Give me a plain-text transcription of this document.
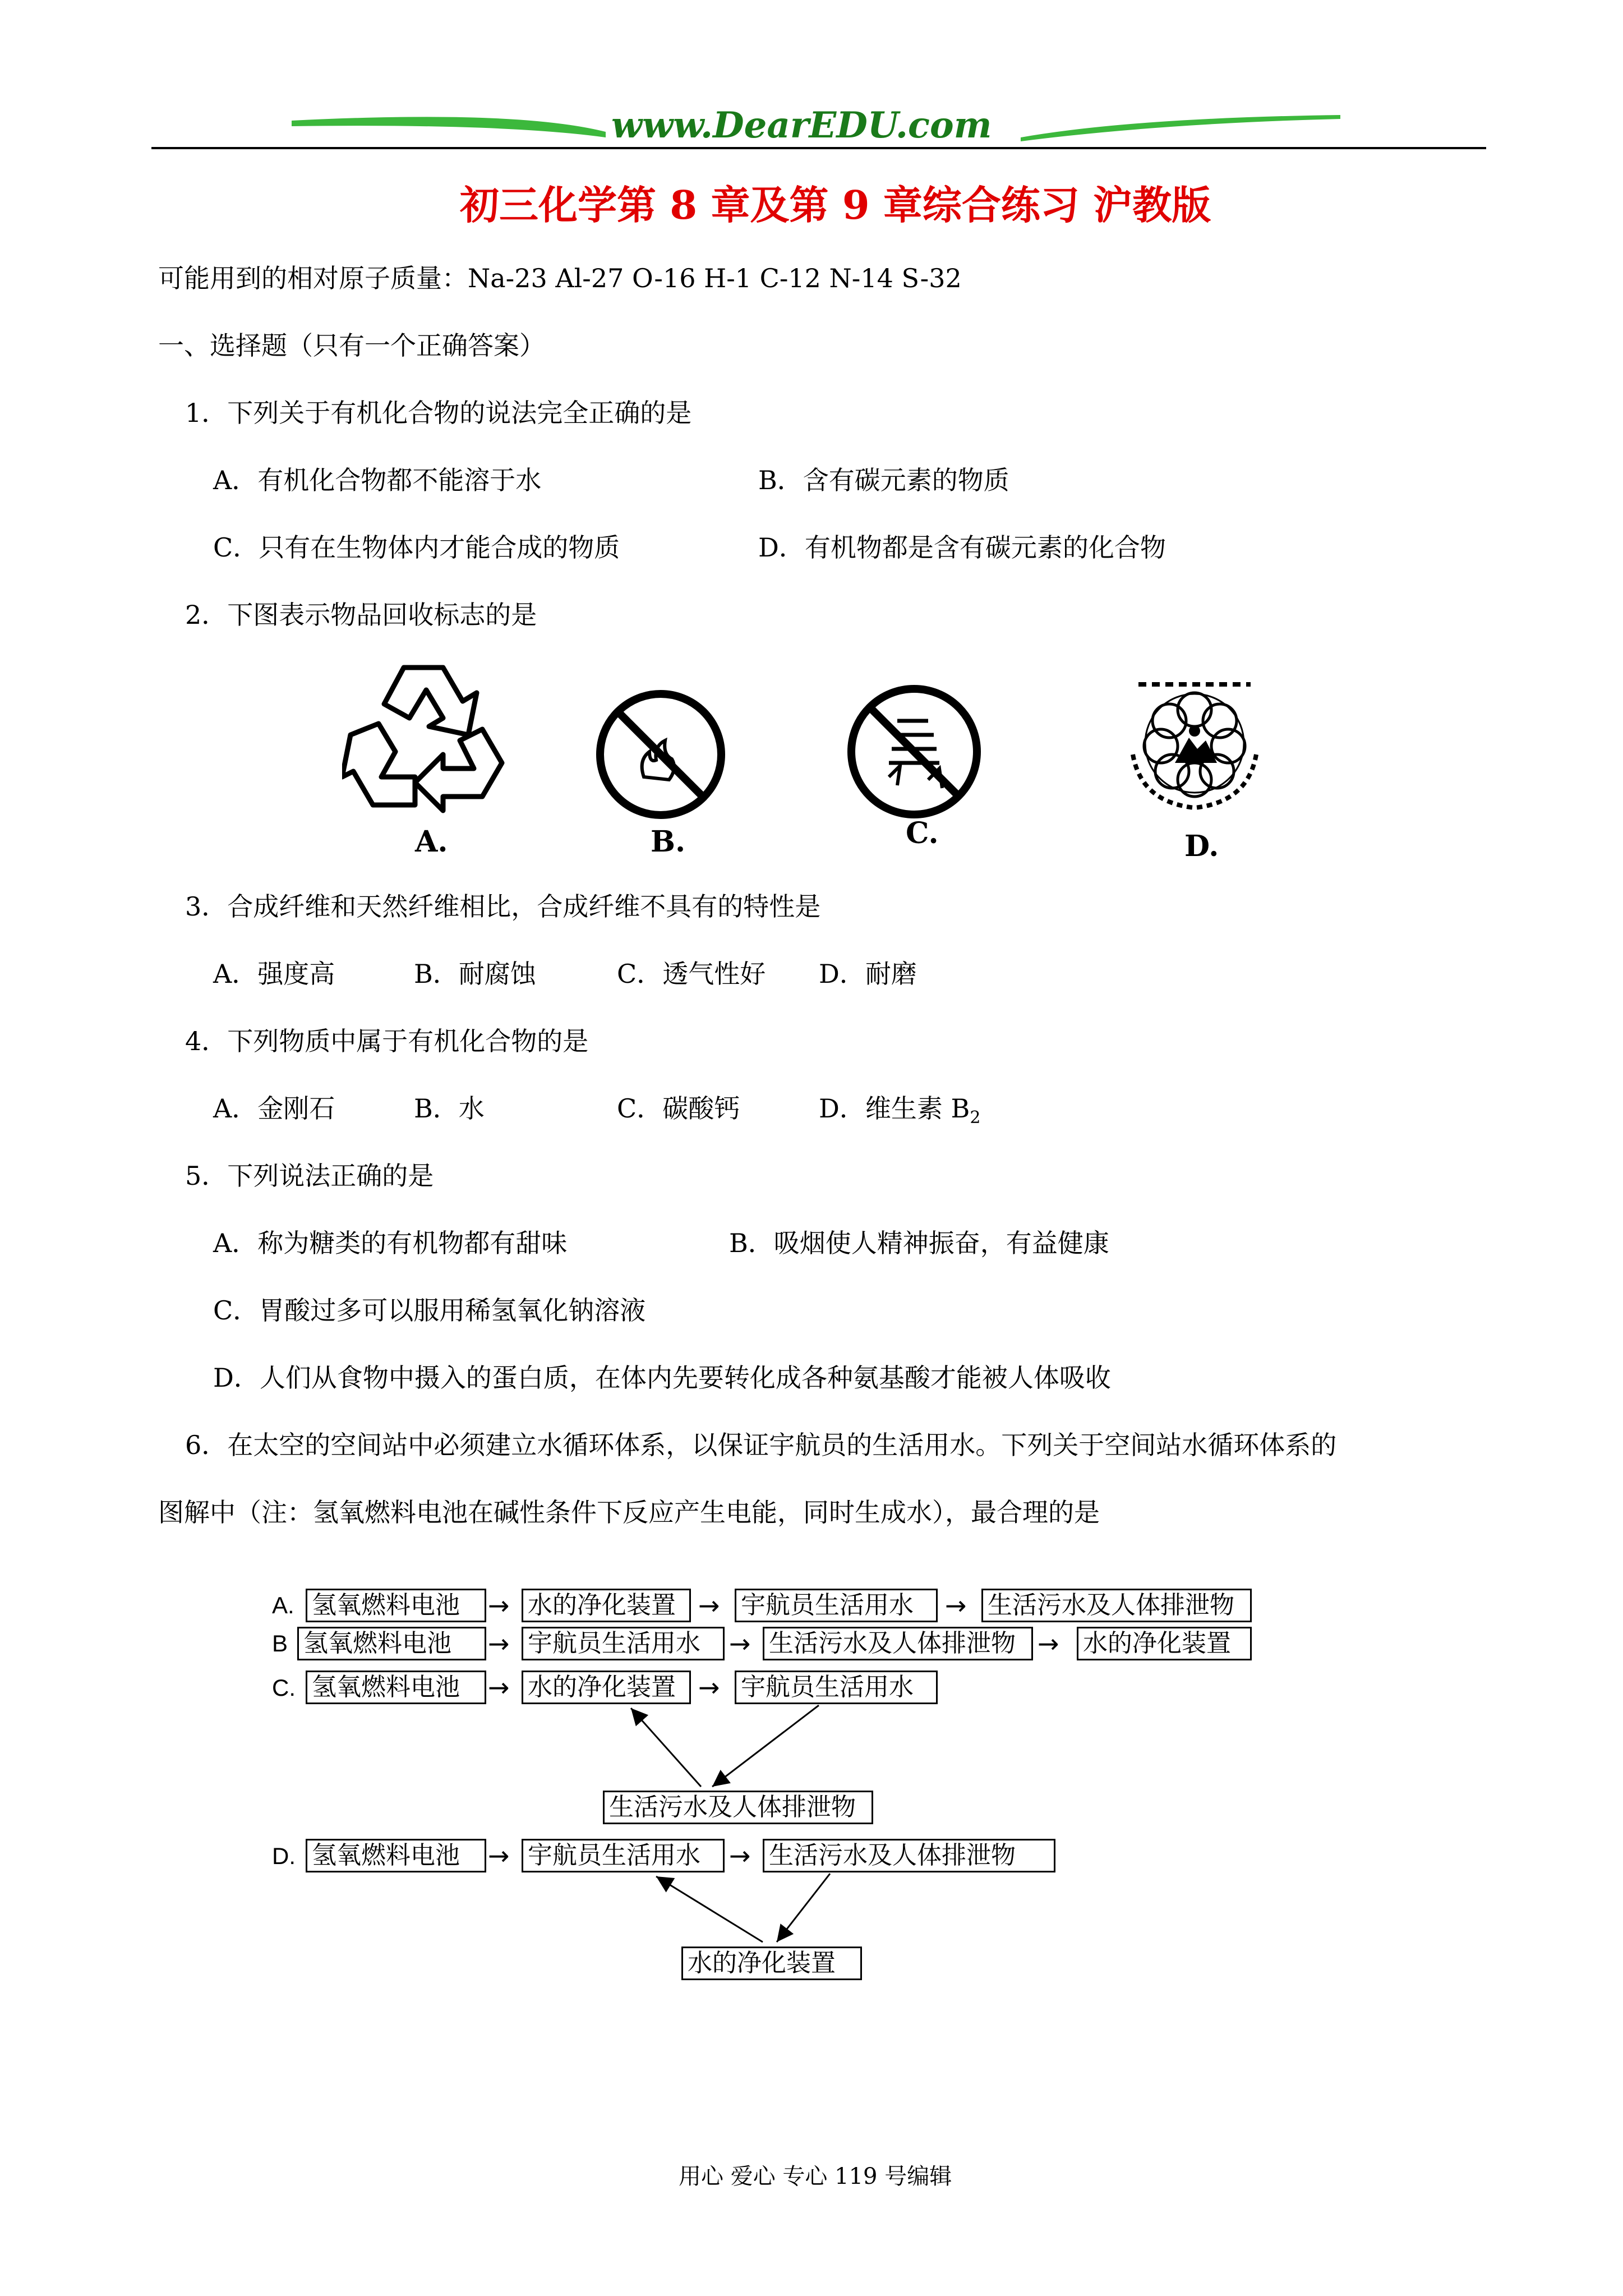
www.DearEDU.com
初三化学第 8 章及第 9 章综合练习 沪教版
可能用到的相对原子质量：Na-23 Al-27 O-16 H-1 C-12 N-14 S-32
一、选择题（只有一个正确答案）
1．下列关于有机化合物的说法完全正确的是
A．有机化合物都不能溶于水	B．含有碳元素的物质
C．只有在生物体内才能合成的物质	D．有机物都是含有碳元素的化合物
2．下图表示物品回收标志的是
A.	B.	C.	D.
3．合成纤维和天然纤维相比，合成纤维不具有的特性是
A．强度高	B．耐腐蚀	C．透气性好 D．耐磨
4．下列物质中属于有机化合物的是
A．金刚石	B．水	C．碳酸钙	D．维生素 $B_2$
5．下列说法正确的是
A．称为糖类的有机物都有甜味	B．吸烟使人精神振奋，有益健康
C．胃酸过多可以服用稀氢氧化钠溶液
D．人们从食物中摄入的蛋白质，在体内先要转化成各种氨基酸才能被人体吸收
6．在太空的空间站中必须建立水循环体系，以保证宇航员的生活用水。下列关于空间站水循环体系的
图解中（注：氢氧燃料电池在碱性条件下反应产生电能，同时生成水），最合理的是
A. 氢氧燃料电池	→ 水的净化装置 → 宇航员生活用水	→ 生活污水及人体排泄物
B 氢氧燃料电池	→ 宇航员生活用水	→ 生活污水及人体排泄物 → 水的净化装置
C. 氢氧燃料电池	→ 水的净化装置 → 宇航员生活用水
生活污水及人体排泄物
D. 氢氧燃料电池	→ 宇航员生活用水	→ 生活污水及人体排泄物
水的净化装置
用心 爱心 专心 119 号编辑
